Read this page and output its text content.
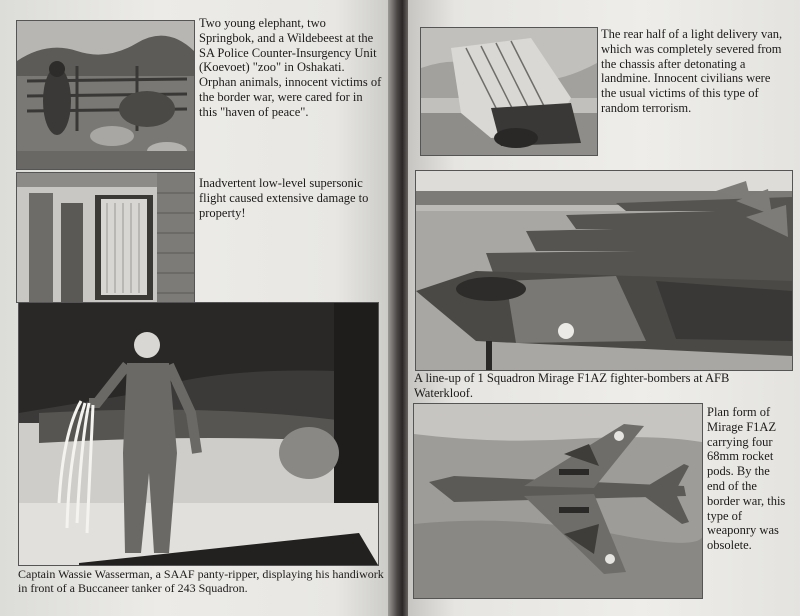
Two young elephant, two Springbok, and a Wildebeest at the SA Police Counter-Insurgency Unit (Koevoet) "zoo" in Oshakati. Orphan animals, innocent victims of the border war, were cared for in this "haven of peace".

Inadvertent low-level supersonic flight caused extensive damage to property!

Captain Wassie Wasserman, a SAAF panty-ripper, displaying his handiwork in front of a Buccaneer tanker of 243 Squadron.

The rear half of a light delivery van, which was completely severed from the chassis after detonating a landmine. Innocent civilians were the usual victims of this type of random terrorism.

A line-up of 1 Squadron Mirage F1AZ fighter-bombers at AFB Waterkloof.

Plan form of Mirage F1AZ carrying four 68mm rocket pods. By the end of the border war, this type of weaponry was obsolete.
